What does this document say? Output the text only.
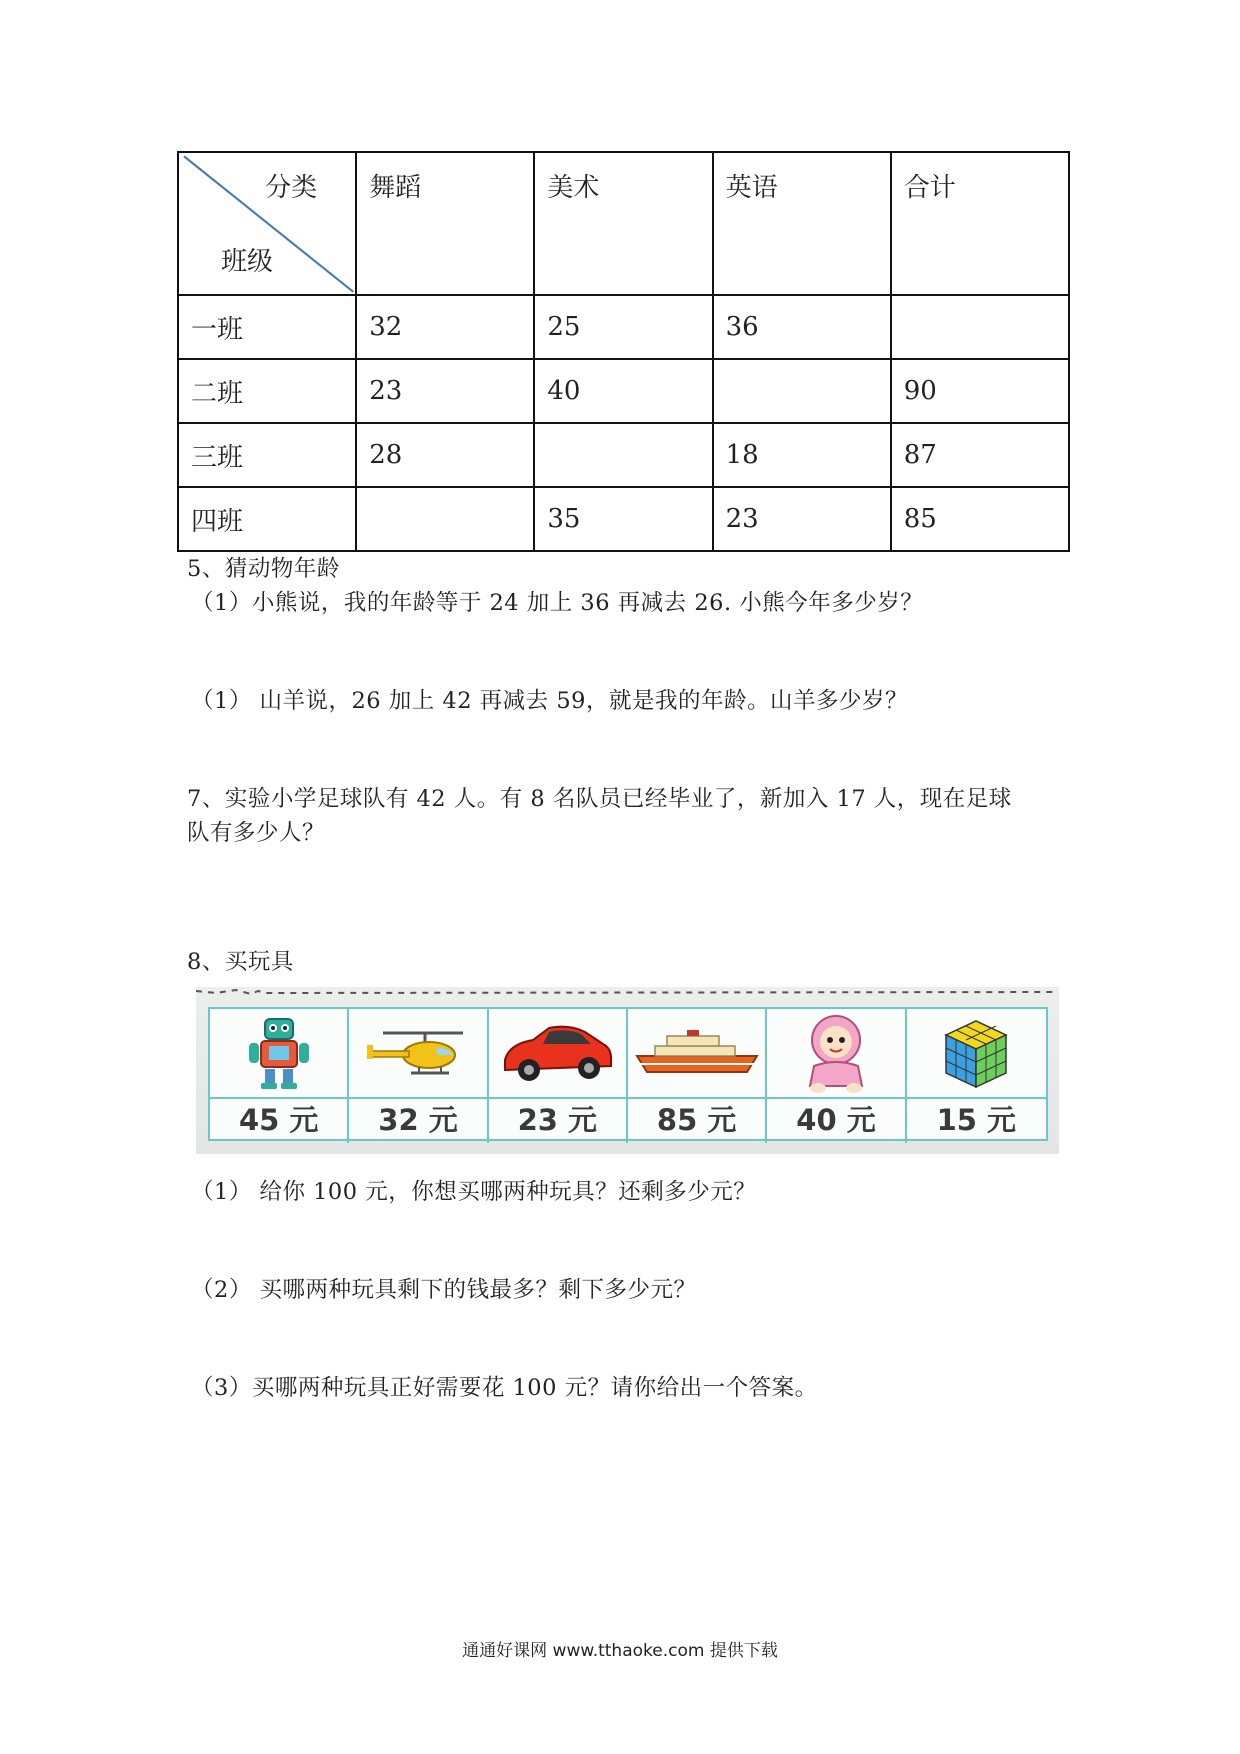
分类
班级	舞蹈	美术	英语	合计
一班	32	25	36	
二班	23	40		90
三班	28		18	87
四班		35	23	85
5、猜动物年龄
（1）小熊说，我的年龄等于 24 加上 36 再减去 26. 小熊今年多少岁？
（1） 山羊说，26 加上 42 再减去 59，就是我的年龄。山羊多少岁？
7、实验小学足球队有 42 人。有 8 名队员已经毕业了，新加入 17 人，现在足球
队有多少人？
8、买玩具
45 元	32 元	23 元	85 元	40 元	15 元
（1） 给你 100 元，你想买哪两种玩具？还剩多少元？
（2） 买哪两种玩具剩下的钱最多？剩下多少元？
（3）买哪两种玩具正好需要花 100 元？请你给出一个答案。
通通好课网 www.tthaoke.com 提供下载
